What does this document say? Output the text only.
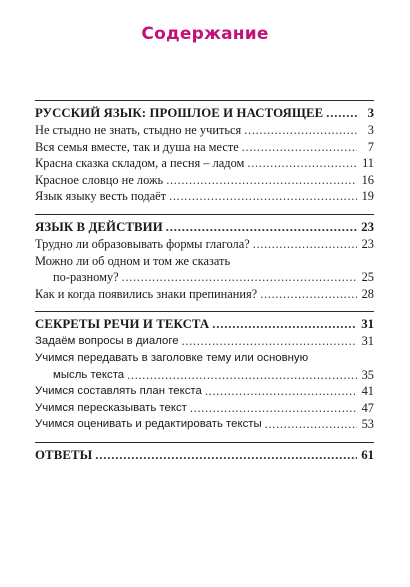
Содержание
РУССКИЙ ЯЗЫК: ПРОШЛОЕ И НАСТОЯЩЕЕ . . .	3
Не стыдно не знать, стыдно не учиться . . .	3
Вся семья вместе, так и душа на месте . . .	7
Красна сказка складом, а песня – ладом . . .	11
Красное словцо не ложь . . .	16
Язык языку весть подаёт . . .	19
ЯЗЫК В ДЕЙСТВИИ . . .	23
Трудно ли образовывать формы глагола? . . .	23
Можно ли об одном и том же сказать
по-разному? . . .	25
Как и когда появились знаки препинания? . . .	28
СЕКРЕТЫ РЕЧИ И ТЕКСТА . . .	31
Задаём вопросы в диалоге . . .	31
Учимся передавать в заголовке тему или основную
мысль текста . . .	35
Учимся составлять план текста . . .	41
Учимся пересказывать текст . . .	47
Учимся оценивать и редактировать тексты . . .	53
ОТВЕТЫ . . .	61
